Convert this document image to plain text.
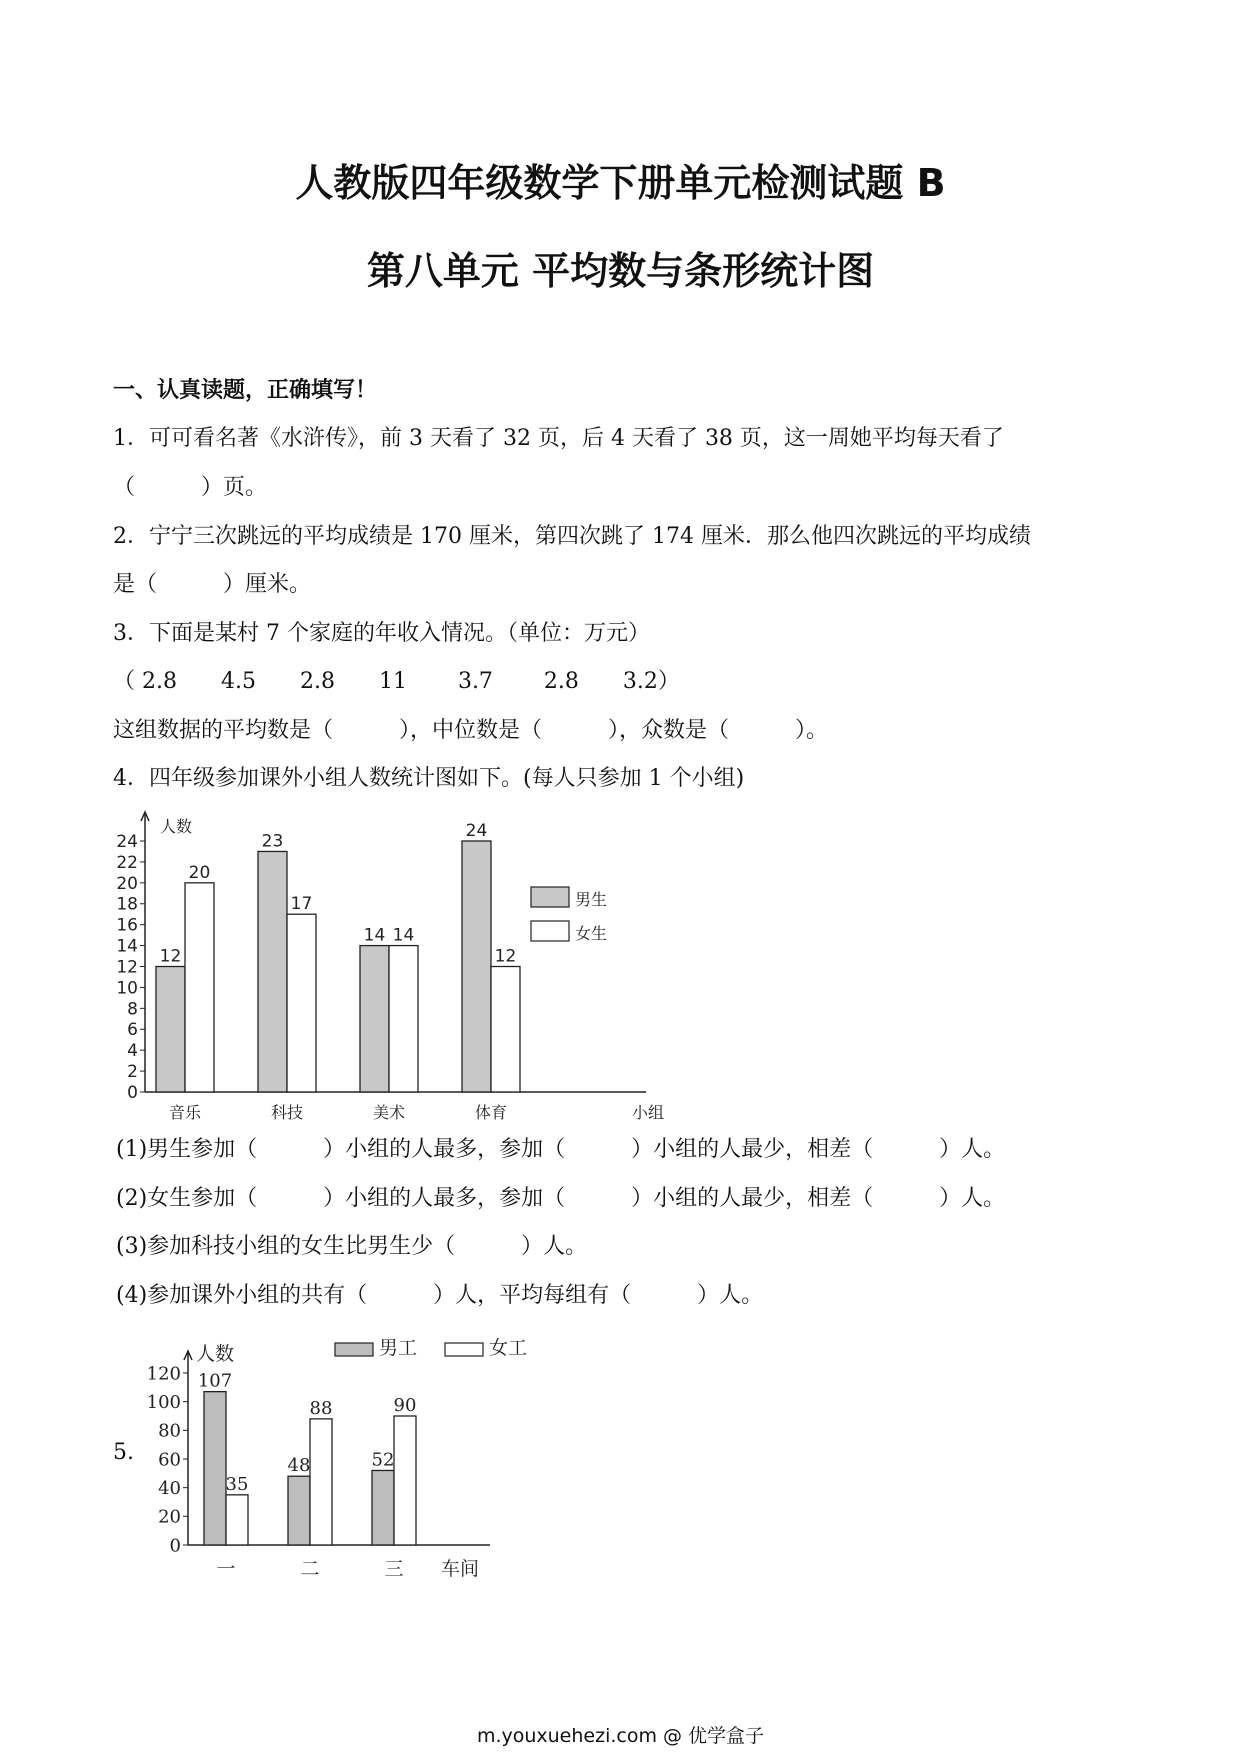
人教版四年级数学下册单元检测试题 B
第八单元 平均数与条形统计图
一、认真读题，正确填写！
1．可可看名著《水浒传》，前 3 天看了 32 页，后 4 天看了 38 页，这一周她平均每天看了
（　　　）页。
2．宁宁三次跳远的平均成绩是 170 厘米，第四次跳了 174 厘米．那么他四次跳远的平均成绩
是（　　　）厘米。
3．下面是某村 7 个家庭的年收入情况。（单位：万元）
（ 2.8　　4.5　　2.8　　11　　 3.7　　 2.8　　3.2）
这组数据的平均数是（　　　），中位数是（　　　），众数是（　　　）。
4．四年级参加课外小组人数统计图如下。(每人只参加 1 个小组)
0
2
4
6
8
10
12
14
16
18
20
22
24
人数
小组
12
20
音乐
23
17
科技
14 14
美术
24
12
体育
男生
女生
(1)男生参加（　　　）小组的人最多，参加（　　　）小组的人最少，相差（　　　）人。
(2)女生参加（　　　）小组的人最多，参加（　　　）小组的人最少，相差（　　　）人。
(3)参加科技小组的女生比男生少（　　　）人。
(4)参加课外小组的共有（　　　）人，平均每组有（　　　）人。
5.
0
20
40
60
80
100
120
人数
车间
107
35
一
48
88
二
52
90
三
男工	女工
m.youxuehezi.com @ 优学盒子
